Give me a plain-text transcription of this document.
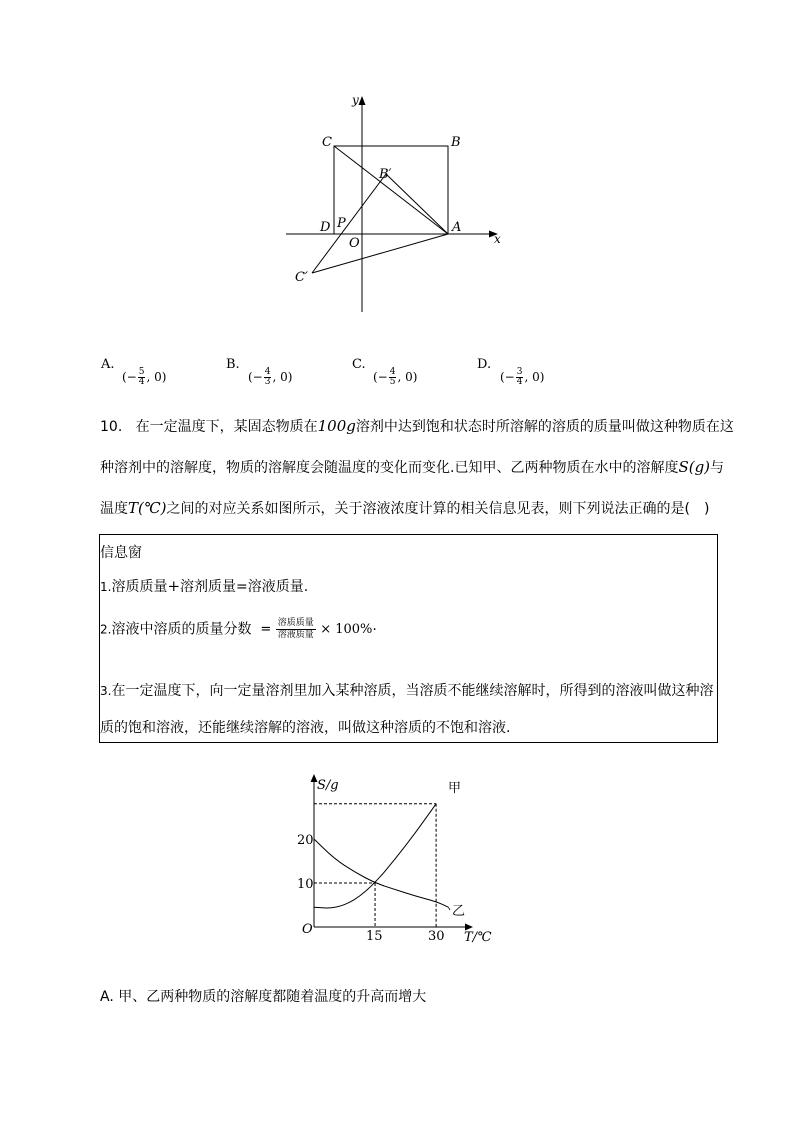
y
x
C	B
B′
D P
O
A
C′
A.
(− $\frac{5}{4}$ , 0)
B.
(− $\frac{4}{3}$ , 0)
C.
(− $\frac{4}{5}$ , 0)
D.
(− $\frac{3}{4}$ , 0)
10. 在一定温度下，某固态物质在100g溶剂中达到饱和状态时所溶解的溶质的质量叫做这种物质在这
种溶剂中的溶解度，物质的溶解度会随温度的变化而变化.已知甲、乙两种物质在水中的溶解度S(g)与
温度T(℃)之间的对应关系如图所示，关于溶液浓度计算的相关信息见表，则下列说法正确的是(　)
信息窗
1.溶质质量+溶剂质量=溶液质量.
2.溶液中溶质的质量分数 = $\frac{\text{溶质质量}}{\text{溶液质量}} \times 100\%$.
3.在一定温度下，向一定量溶剂里加入某种溶质，当溶质不能继续溶解时，所得到的溶液叫做这种溶
质的饱和溶液，还能继续溶解的溶液，叫做这种溶质的不饱和溶液.
S/g
T/℃
O	15	30
10
20
甲
乙
A. 甲、乙两种物质的溶解度都随着温度的升高而增大
